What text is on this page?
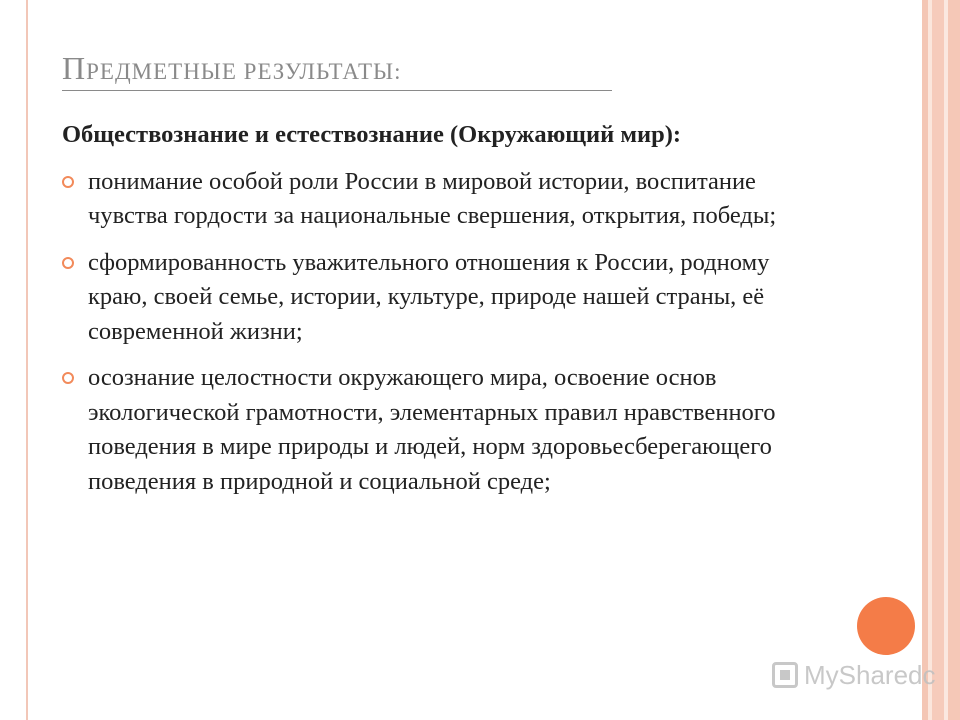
ПРЕДМЕТНЫЕ РЕЗУЛЬТАТЫ:
Обществознание и естествознание (Окружающий мир):
понимание особой роли России в мировой истории, воспитание чувства гордости за национальные свершения, открытия, победы;
сформированность уважительного отношения к России, родному краю, своей семье, истории, культуре, природе нашей страны, её современной жизни;
осознание целостности окружающего мира, освоение основ экологической грамотности, элементарных правил нравственного поведения в мире природы и людей, норм здоровьесберегающего поведения в природной и социальной среде;
MySharedc
